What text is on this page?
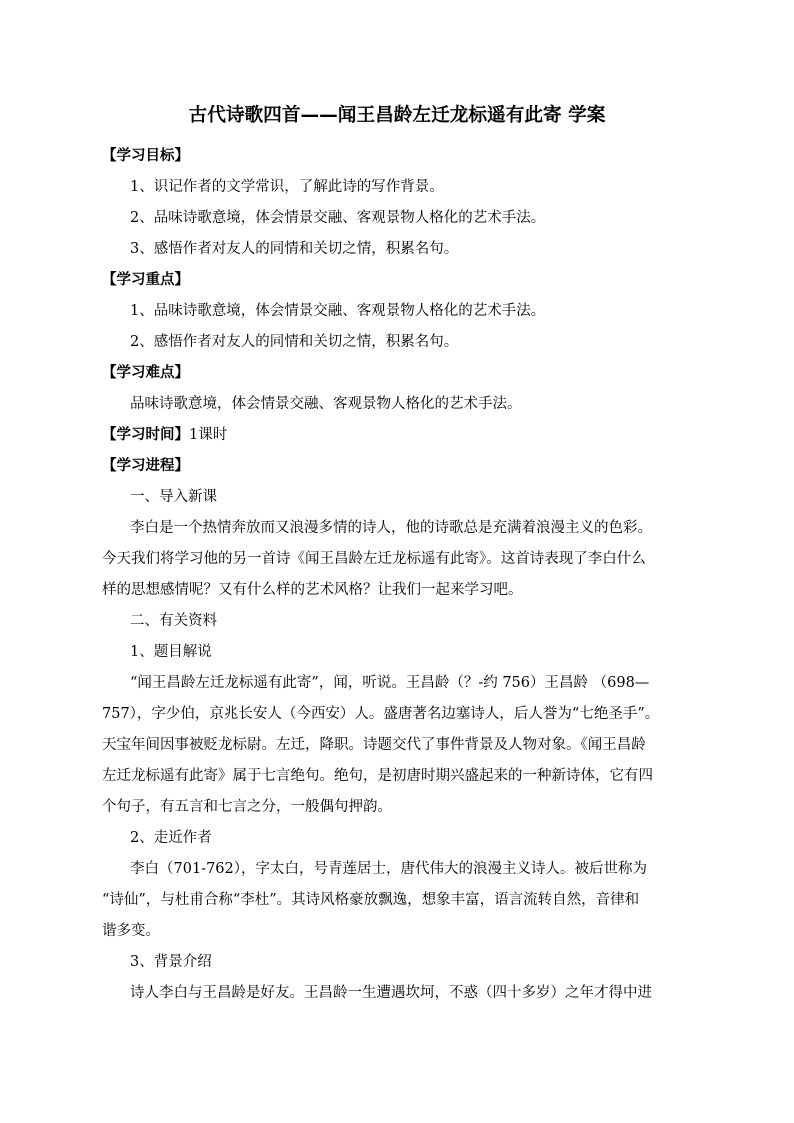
古代诗歌四首——闻王昌龄左迁龙标遥有此寄 学案
【学习目标】
1、识记作者的文学常识，了解此诗的写作背景。
2、品味诗歌意境，体会情景交融、客观景物人格化的艺术手法。
3、感悟作者对友人的同情和关切之情，积累名句。
【学习重点】
1、品味诗歌意境，体会情景交融、客观景物人格化的艺术手法。
2、感悟作者对友人的同情和关切之情，积累名句。
【学习难点】
品味诗歌意境，体会情景交融、客观景物人格化的艺术手法。
【学习时间】1课时
【学习进程】
一、导入新课
李白是一个热情奔放而又浪漫多情的诗人，他的诗歌总是充满着浪漫主义的色彩。
今天我们将学习他的另一首诗《闻王昌龄左迁龙标遥有此寄》。这首诗表现了李白什么
样的思想感情呢？又有什么样的艺术风格？让我们一起来学习吧。
二、有关资料
1、题目解说
“闻王昌龄左迁龙标遥有此寄”，闻，听说。王昌龄（？-约 756）王昌龄 （698—
757），字少伯，京兆长安人（今西安）人。盛唐著名边塞诗人，后人誉为“七绝圣手”。
天宝年间因事被贬龙标尉。左迁，降职。诗题交代了事件背景及人物对象。《闻王昌龄
左迁龙标遥有此寄》属于七言绝句。绝句，是初唐时期兴盛起来的一种新诗体，它有四
个句子，有五言和七言之分，一般偶句押韵。
2、走近作者
李白（701-762），字太白，号青莲居士，唐代伟大的浪漫主义诗人。被后世称为
“诗仙”，与杜甫合称“李杜”。其诗风格豪放飘逸，想象丰富，语言流转自然，音律和
谐多变。
3、背景介绍
诗人李白与王昌龄是好友。王昌龄一生遭遇坎坷，不惑（四十多岁）之年才得中进
